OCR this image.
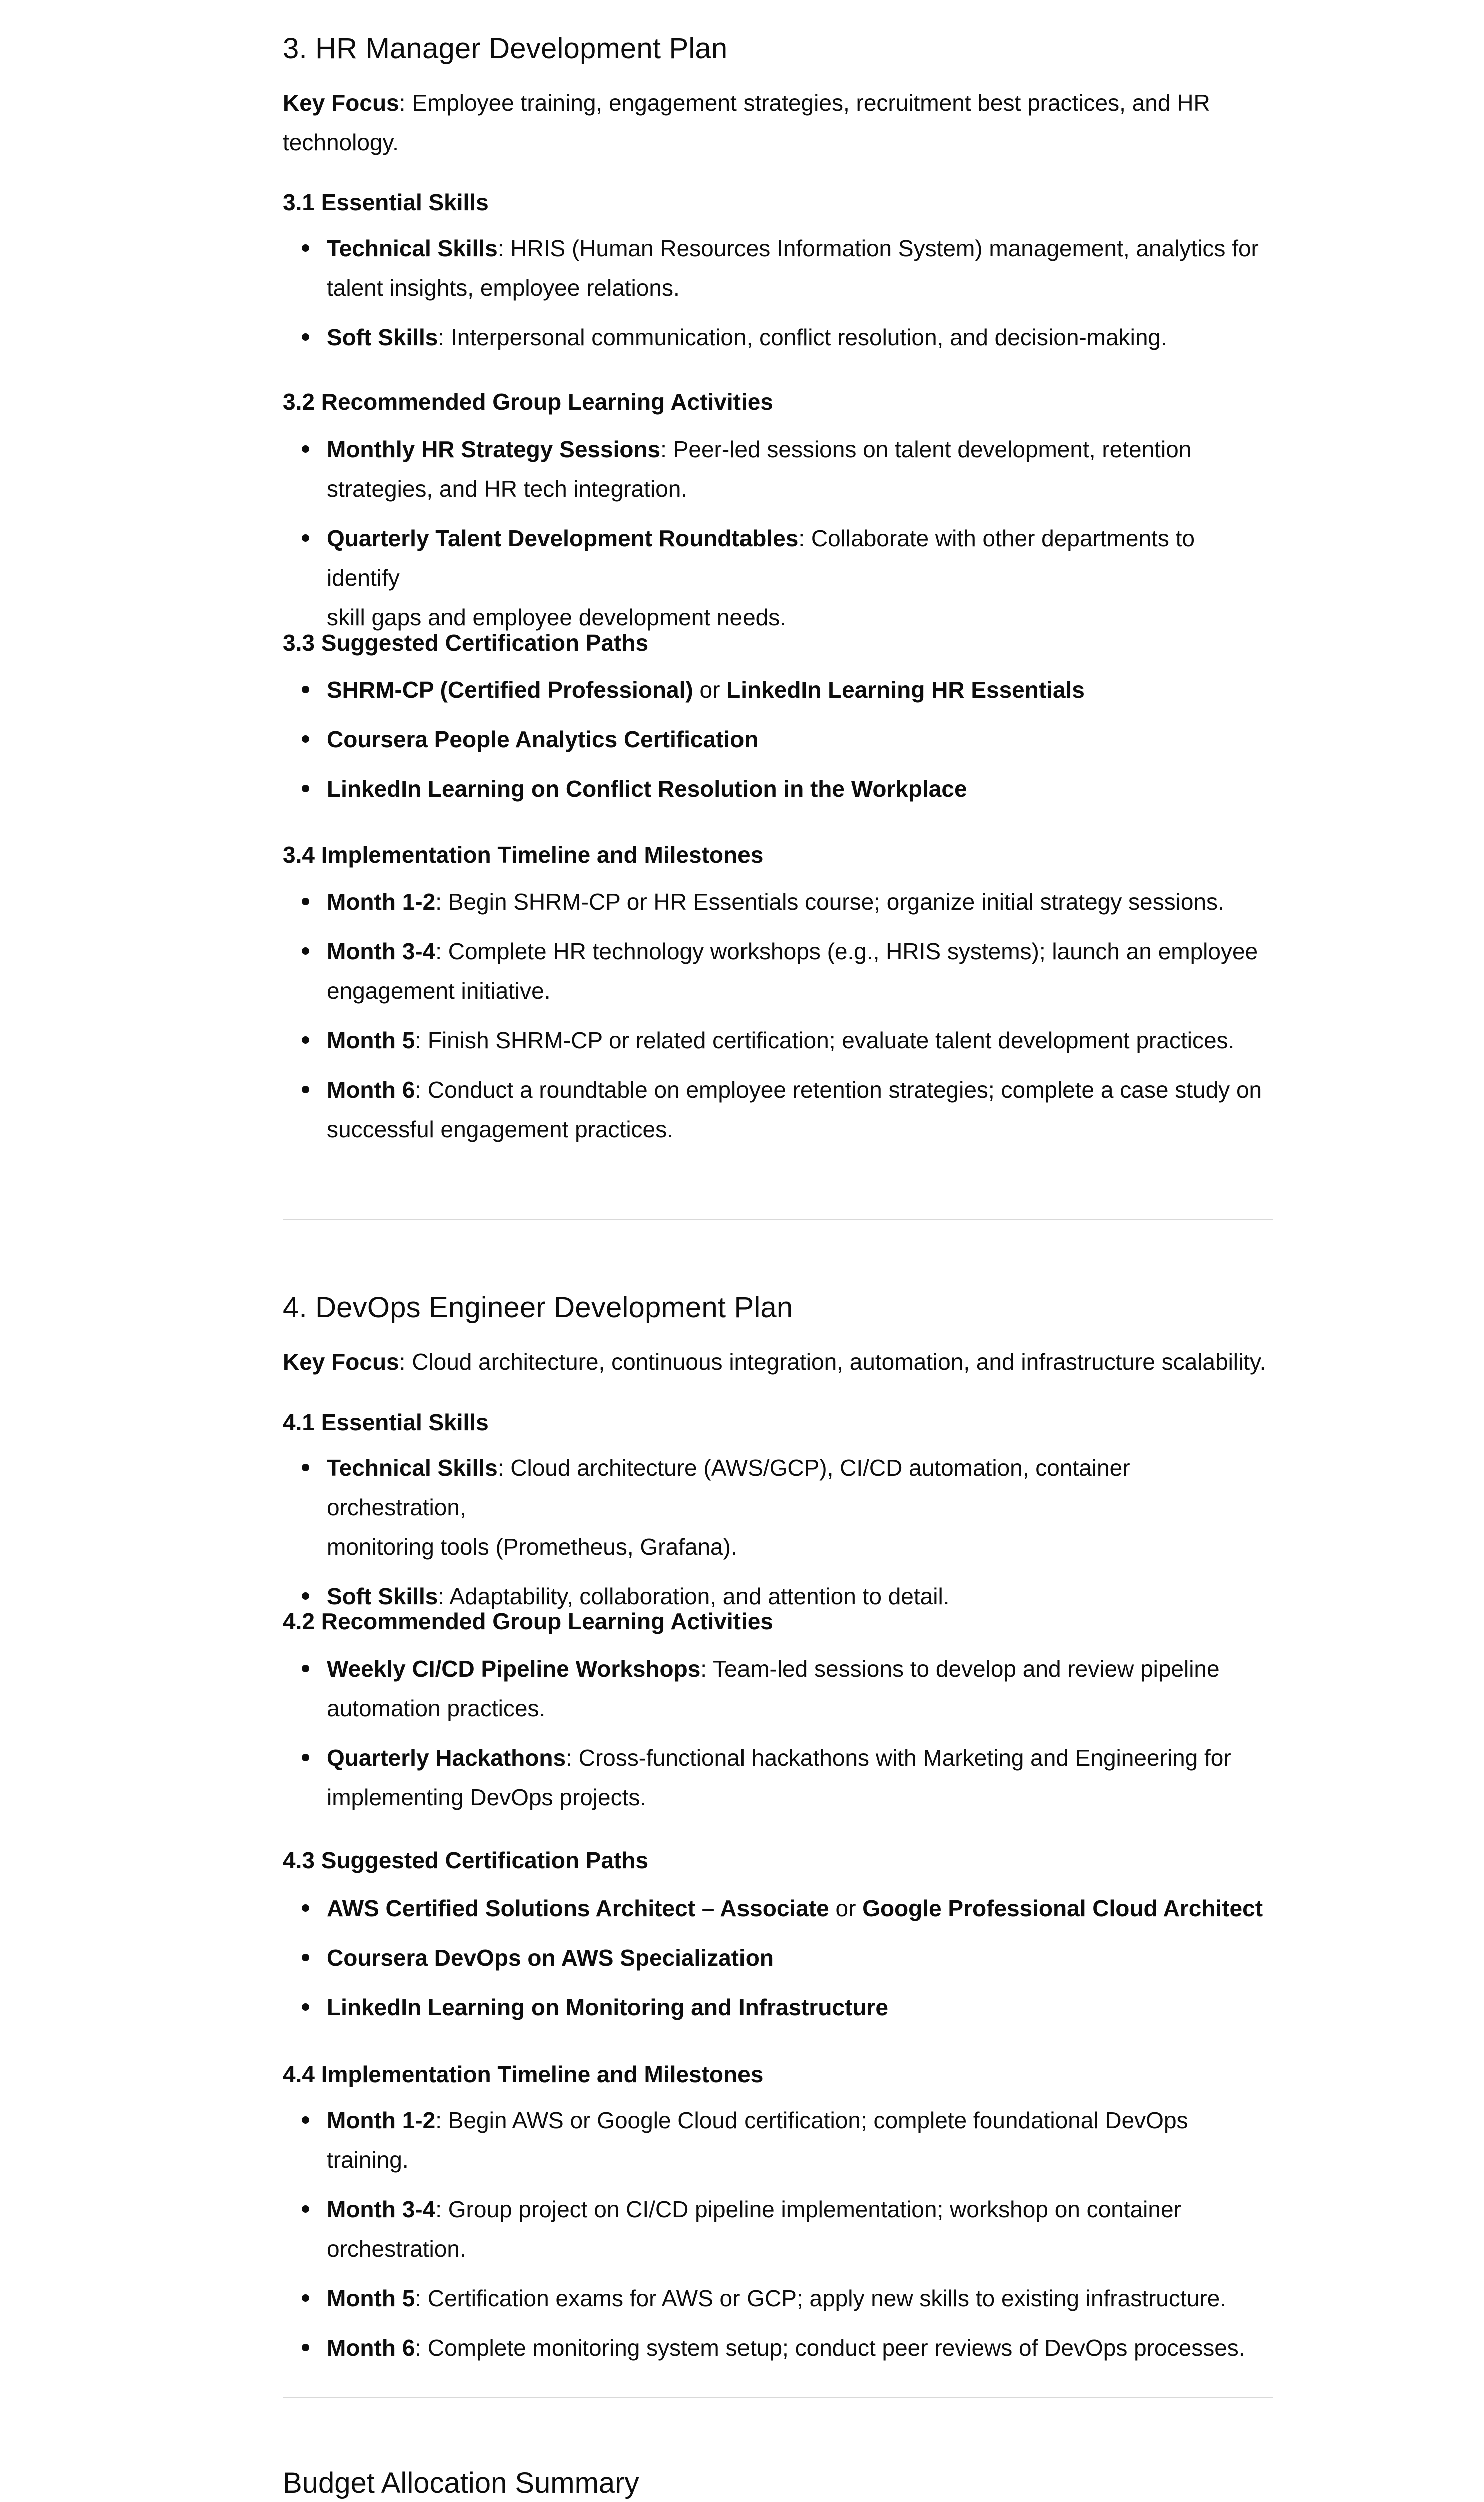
3. HR Manager Development Plan

Key Focus: Employee training, engagement strategies, recruitment best practices, and HR
technology.

3.1 Essential Skills
Technical Skills: HRIS (Human Resources Information System) management, analytics for
talent insights, employee relations.
Soft Skills: Interpersonal communication, conflict resolution, and decision-making.
3.2 Recommended Group Learning Activities
Monthly HR Strategy Sessions: Peer-led sessions on talent development, retention
strategies, and HR tech integration.
Quarterly Talent Development Roundtables: Collaborate with other departments to identify
skill gaps and employee development needs.
3.3 Suggested Certification Paths
SHRM-CP (Certified Professional) or LinkedIn Learning HR Essentials
Coursera People Analytics Certification
LinkedIn Learning on Conflict Resolution in the Workplace
3.4 Implementation Timeline and Milestones
Month 1-2: Begin SHRM-CP or HR Essentials course; organize initial strategy sessions.
Month 3-4: Complete HR technology workshops (e.g., HRIS systems); launch an employee
engagement initiative.
Month 5: Finish SHRM-CP or related certification; evaluate talent development practices.
Month 6: Conduct a roundtable on employee retention strategies; complete a case study on
successful engagement practices.
4. DevOps Engineer Development Plan

Key Focus: Cloud architecture, continuous integration, automation, and infrastructure scalability.

4.1 Essential Skills
Technical Skills: Cloud architecture (AWS/GCP), CI/CD automation, container orchestration,
monitoring tools (Prometheus, Grafana).
Soft Skills: Adaptability, collaboration, and attention to detail.
4.2 Recommended Group Learning Activities
Weekly CI/CD Pipeline Workshops: Team-led sessions to develop and review pipeline
automation practices.
Quarterly Hackathons: Cross-functional hackathons with Marketing and Engineering for
implementing DevOps projects.
4.3 Suggested Certification Paths
AWS Certified Solutions Architect – Associate or Google Professional Cloud Architect
Coursera DevOps on AWS Specialization
LinkedIn Learning on Monitoring and Infrastructure
4.4 Implementation Timeline and Milestones
Month 1-2: Begin AWS or Google Cloud certification; complete foundational DevOps training.
Month 3-4: Group project on CI/CD pipeline implementation; workshop on container
orchestration.
Month 5: Certification exams for AWS or GCP; apply new skills to existing infrastructure.
Month 6: Complete monitoring system setup; conduct peer reviews of DevOps processes.
Budget Allocation Summary
